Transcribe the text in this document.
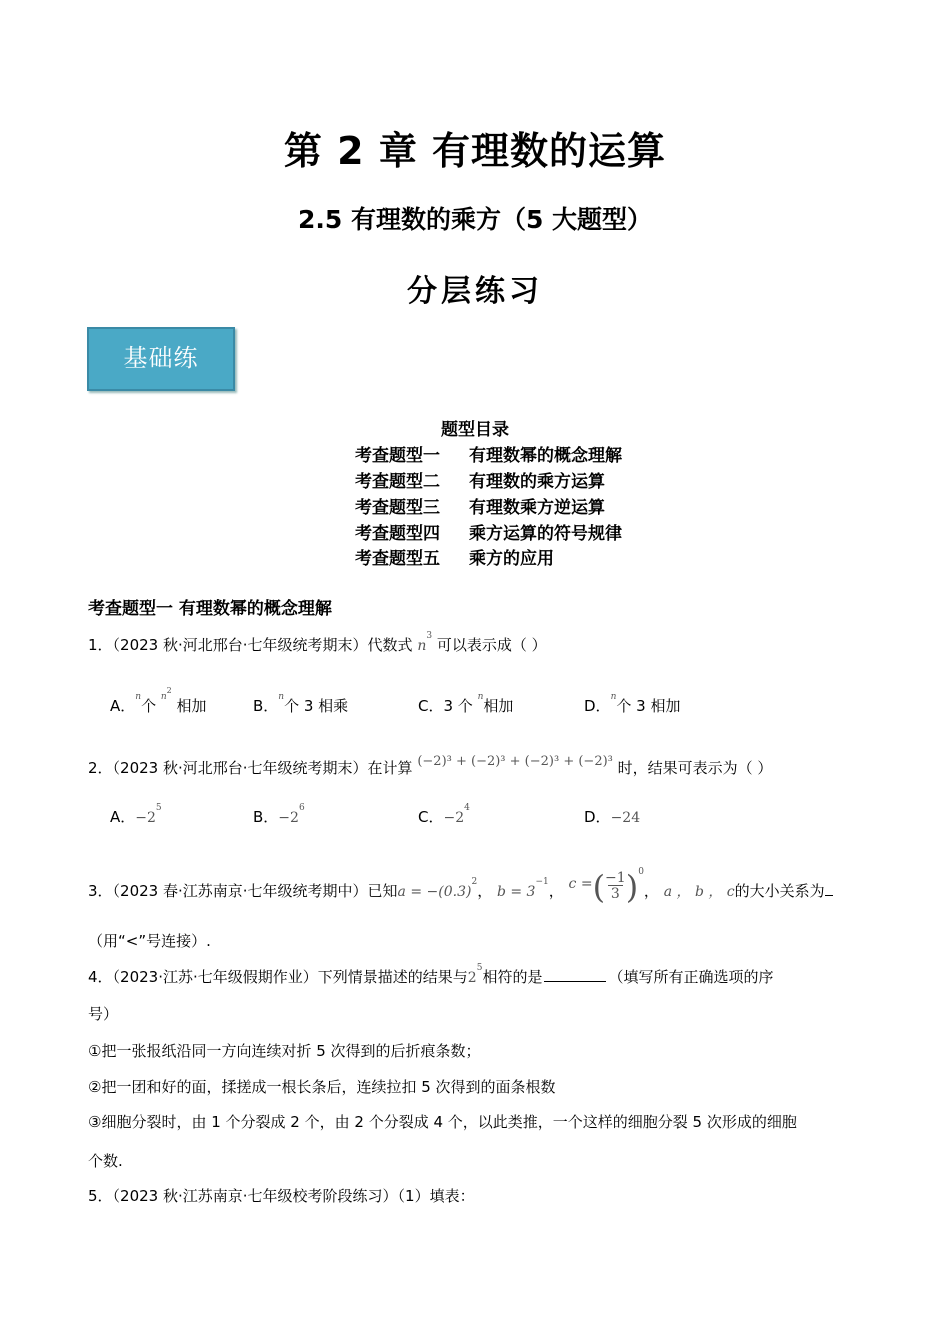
第 2 章 有理数的运算
2.5 有理数的乘方（5 大题型）
分层练习
基础练
题型目录
考查题型一 有理数幂的概念理解
考查题型二 有理数的乘方运算
考查题型三 有理数乘方逆运算
考查题型四 乘方运算的符号规律
考查题型五 乘方的应用
考查题型一 有理数幂的概念理解
1．（2023 秋·河北邢台·七年级统考期末）代数式 $n^3$ 可以表示成（ ）
A．$^n$个 $^{n2}$ 相加	B．$^n$个 3 相乘	C．3 个 $^n$相加	D．$^n$个 3 相加
2．（2023 秋·河北邢台·七年级统考期末）在计算 (−2)³ + (−2)³ + (−2)³ + (−2)³ 时，结果可表示为（ ）
A．$-2^5$	B．$-2^6$	C．$-2^4$	D．−24
3．（2023 春·江苏南京·七年级统考期中）已知$a = -(0.3)^2$， $b = 3^{-1}$， c =(−1
3 )$^0$， a ， b ， c的大小关系为
（用“<”号连接）.
4．（2023·江苏·七年级假期作业）下列情景描述的结果与$2^5$相符的是	（填写所有正确选项的序
号）
①把一张报纸沿同一方向连续对折 5 次得到的后折痕条数；
②把一团和好的面，揉搓成一根长条后，连续拉扣 5 次得到的面条根数
③细胞分裂时，由 1 个分裂成 2 个，由 2 个分裂成 4 个，以此类推，一个这样的细胞分裂 5 次形成的细胞
个数.
5．（2023 秋·江苏南京·七年级校考阶段练习）（1）填表：
